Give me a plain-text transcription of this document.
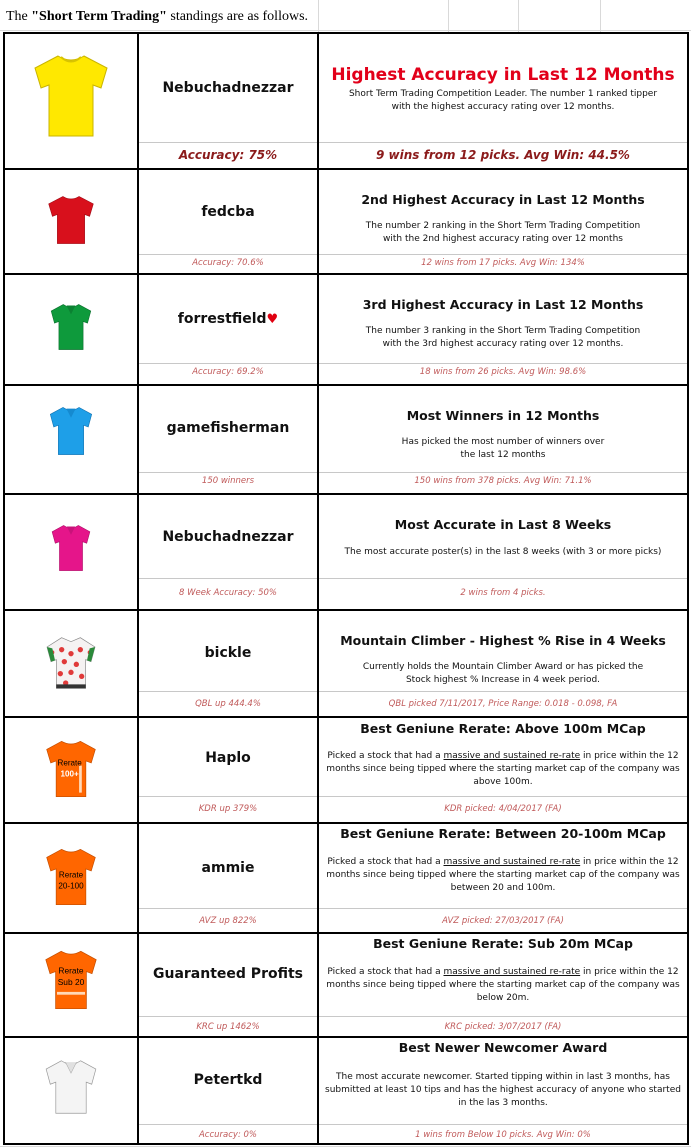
The "Short Term Trading" standings are as follows.
Nebuchadnezzar
Accuracy: 75%
Highest Accuracy in Last 12 Months
Short Term Trading Competition Leader. The number 1 ranked tipper with the highest accuracy rating over 12 months.
9 wins from 12 picks. Avg Win: 44.5%
fedcba
Accuracy: 70.6%
2nd Highest Accuracy in Last 12 Months
The number 2 ranking in the Short Term Trading Competition with the 2nd highest accuracy rating over 12 months
12 wins from 17 picks. Avg Win: 134%
forrestfield♥
Accuracy: 69.2%
3rd Highest Accuracy in Last 12 Months
The number 3 ranking in the Short Term Trading Competition with the 3rd highest accuracy rating over 12 months.
18 wins from 26 picks. Avg Win: 98.6%
gamefisherman
150 winners
Most Winners in 12 Months
Has picked the most number of winners over the last 12 months
150 wins from 378 picks. Avg Win: 71.1%
Nebuchadnezzar
8 Week Accuracy: 50%
Most Accurate in Last 8 Weeks
The most accurate poster(s) in the last 8 weeks (with 3 or more picks)
2 wins from 4 picks.
bickle
QBL up 444.4%
Mountain Climber - Highest % Rise in 4 Weeks
Currently holds the Mountain Climber Award or has picked the Stock highest % Increase in 4 week period.
QBL picked 7/11/2017, Price Range: 0.018 - 0.098, FA
Rerate
100+
Haplo
KDR up 379%
Best Geniune Rerate: Above 100m MCap
Picked a stock that had a massive and sustained re-rate in price within the 12 months since being tipped where the starting market cap of the company was above 100m.
KDR picked: 4/04/2017 (FA)
Rerate
20-100
ammie
AVZ up 822%
Best Geniune Rerate: Between 20-100m MCap
Picked a stock that had a massive and sustained re-rate in price within the 12 months since being tipped where the starting market cap of the company was between 20 and 100m.
AVZ picked: 27/03/2017 (FA)
Rerate
Sub 20	Guaranteed Profits
KRC up 1462%
Best Geniune Rerate: Sub 20m MCap
Picked a stock that had a massive and sustained re-rate in price within the 12 months since being tipped where the starting market cap of the company was below 20m.
KRC picked: 3/07/2017 (FA)
Petertkd
Accuracy: 0%
Best Newer Newcomer Award
The most accurate newcomer. Started tipping within in last 3 months, has submitted at least 10 tips and has the highest accuracy of anyone who started in the las 3 months.
1 wins from Below 10 picks. Avg Win: 0%
